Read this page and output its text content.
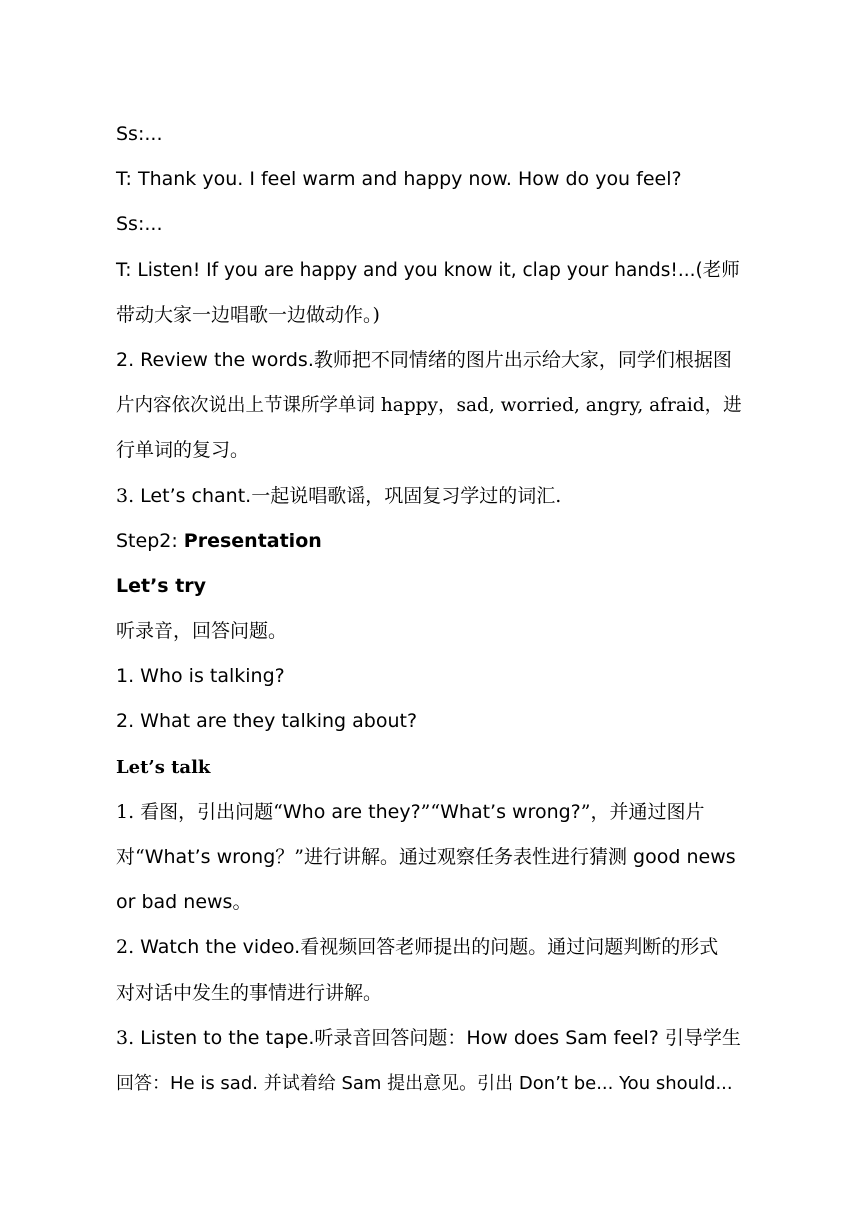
Ss:...
T: Thank you. I feel warm and happy now. How do you feel?
Ss:...
T: Listen! If you are happy and you know it, clap your hands!...(老师
带动大家一边唱歌一边做动作。)
2. Review the words.教师把不同情绪的图片出示给大家，同学们根据图
片内容依次说出上节课所学单词 happy，sad, worried, angry, afraid，进
行单词的复习。
3. Let’s chant.一起说唱歌谣，巩固复习学过的词汇.
Step2: Presentation
Let’s try
听录音，回答问题。
1. Who is talking?
2. What are they talking about?
Let’s talk
1. 看图，引出问题“Who are they?”“What’s wrong?”，并通过图片
对“What’s wrong？”进行讲解。通过观察任务表性进行猜测 good news
or bad news。
2. Watch the video.看视频回答老师提出的问题。通过问题判断的形式
对对话中发生的事情进行讲解。
3. Listen to the tape.听录音回答问题：How does Sam feel? 引导学生
回答：He is sad. 并试着给 Sam 提出意见。引出 Don’t be... You should...
